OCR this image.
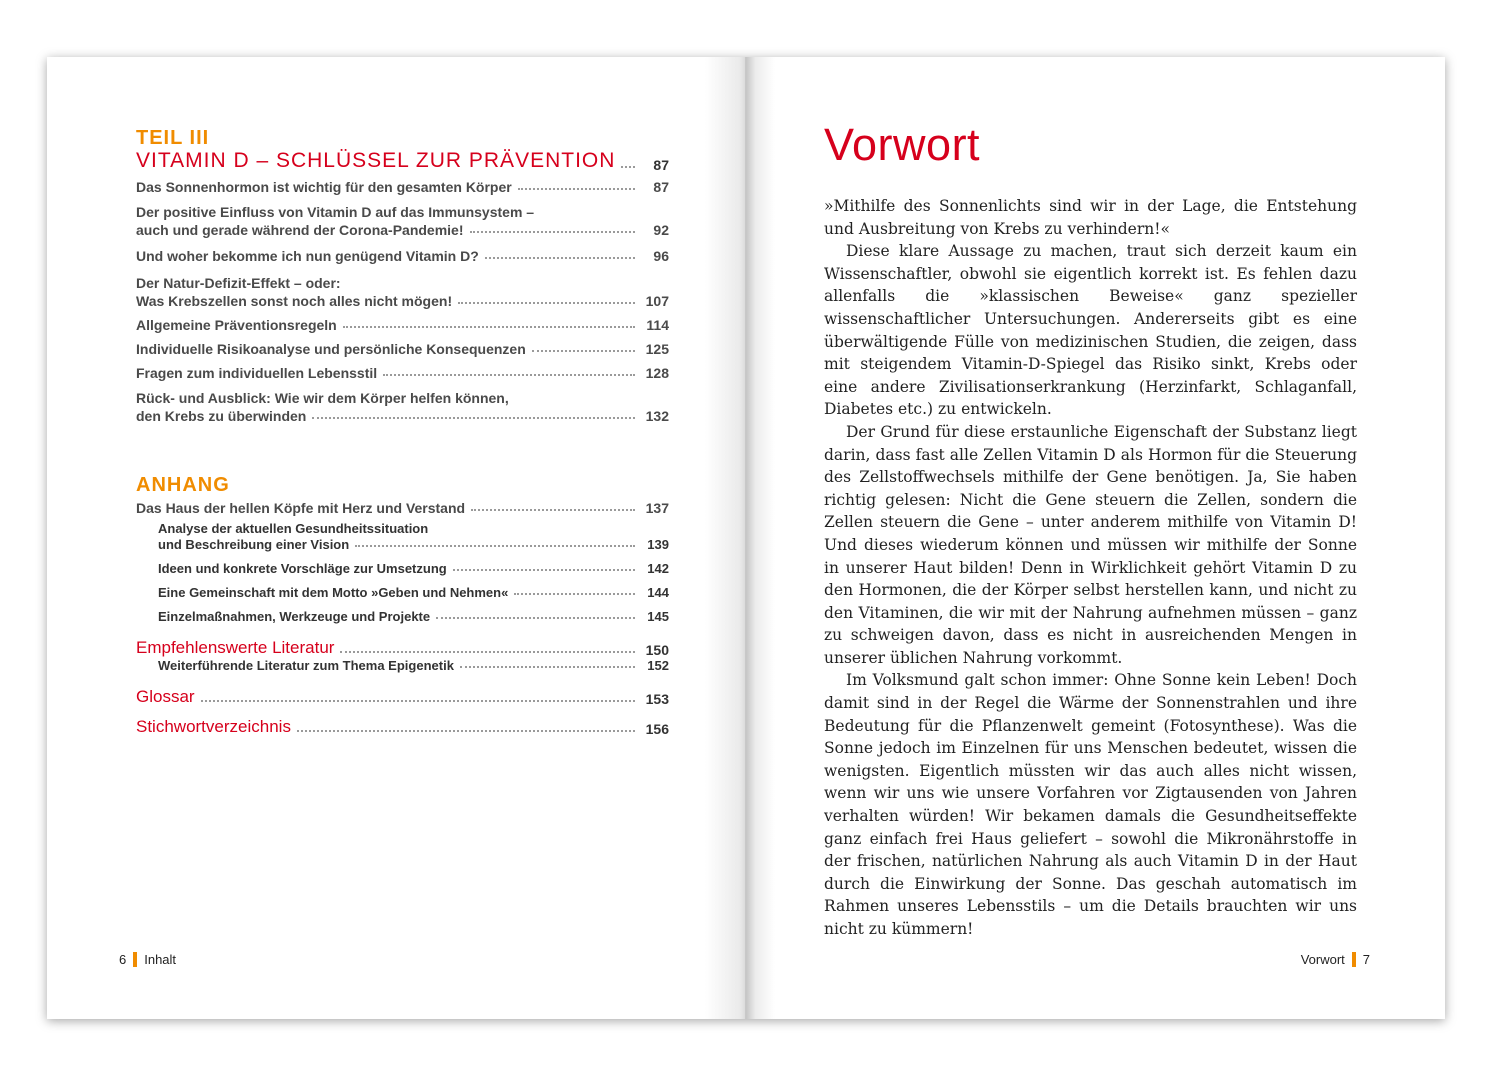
TEIL III
VITAMIN D – SCHLÜSSEL ZUR PRÄVENTION	87
Das Sonnenhormon ist wichtig für den gesamten Körper	87
Der positive Einfluss von Vitamin D auf das Immunsystem –
auch und gerade während der Corona-Pandemie!	92
Und woher bekomme ich nun genügend Vitamin D?	96
Der Natur-Defizit-Effekt – oder:
Was Krebszellen sonst noch alles nicht mögen!	107
Allgemeine Präventionsregeln	114
Individuelle Risikoanalyse und persönliche Konsequenzen	125
Fragen zum individuellen Lebensstil	128
Rück- und Ausblick: Wie wir dem Körper helfen können,
den Krebs zu überwinden	132
ANHANG
Das Haus der hellen Köpfe mit Herz und Verstand	137
Analyse der aktuellen Gesundheitssituation
und Beschreibung einer Vision	139
Ideen und konkrete Vorschläge zur Umsetzung	142
Eine Gemeinschaft mit dem Motto »Geben und Nehmen«	144
Einzelmaßnahmen, Werkzeuge und Projekte	145
Empfehlenswerte Literatur	150
Weiterführende Literatur zum Thema Epigenetik	152
Glossar	153
Stichwortverzeichnis	156
6 Inhalt
Vorwort

»Mithilfe des Sonnenlichts sind wir in der Lage, die Entstehung und Ausbreitung von Krebs zu verhindern!«

Diese klare Aussage zu machen, traut sich derzeit kaum ein Wissenschaftler, obwohl sie eigentlich korrekt ist. Es fehlen dazu allenfalls die »klassischen Beweise« ganz spezieller wissenschaftlicher Untersuchungen. Andererseits gibt es eine überwältigende Fülle von medizinischen Studien, die zeigen, dass mit steigendem Vitamin-D-Spiegel das Risiko sinkt, Krebs oder eine andere Zivilisationserkrankung (Herzinfarkt, Schlaganfall, Diabetes etc.) zu entwickeln.

Der Grund für diese erstaunliche Eigenschaft der Substanz liegt darin, dass fast alle Zellen Vitamin D als Hormon für die Steuerung des Zellstoffwechsels mithilfe der Gene benötigen. Ja, Sie haben richtig gelesen: Nicht die Gene steuern die Zellen, sondern die Zellen steuern die Gene – unter anderem mithilfe von Vitamin D! Und dieses wiederum können und müssen wir mithilfe der Sonne in unserer Haut bilden! Denn in Wirklichkeit gehört Vitamin D zu den Hormonen, die der Körper selbst herstellen kann, und nicht zu den Vitaminen, die wir mit der Nahrung aufnehmen müssen – ganz zu schweigen davon, dass es nicht in ausreichenden Mengen in unserer üblichen Nahrung vorkommt.

Im Volksmund galt schon immer: Ohne Sonne kein Leben! Doch damit sind in der Regel die Wärme der Sonnenstrahlen und ihre Bedeutung für die Pflanzenwelt gemeint (Fotosynthese). Was die Sonne jedoch im Einzelnen für uns Menschen bedeutet, wissen die wenigsten. Eigentlich müssten wir das auch alles nicht wissen, wenn wir uns wie unsere Vorfahren vor Zigtausenden von Jahren verhalten würden! Wir bekamen damals die Gesundheitseffekte ganz einfach frei Haus geliefert – sowohl die Mikronährstoffe in der frischen, natürlichen Nahrung als auch Vitamin D in der Haut durch die Einwirkung der Sonne. Das geschah automatisch im Rahmen unseres Lebensstils – um die Details brauchten wir uns nicht zu kümmern!

Vorwort 7
